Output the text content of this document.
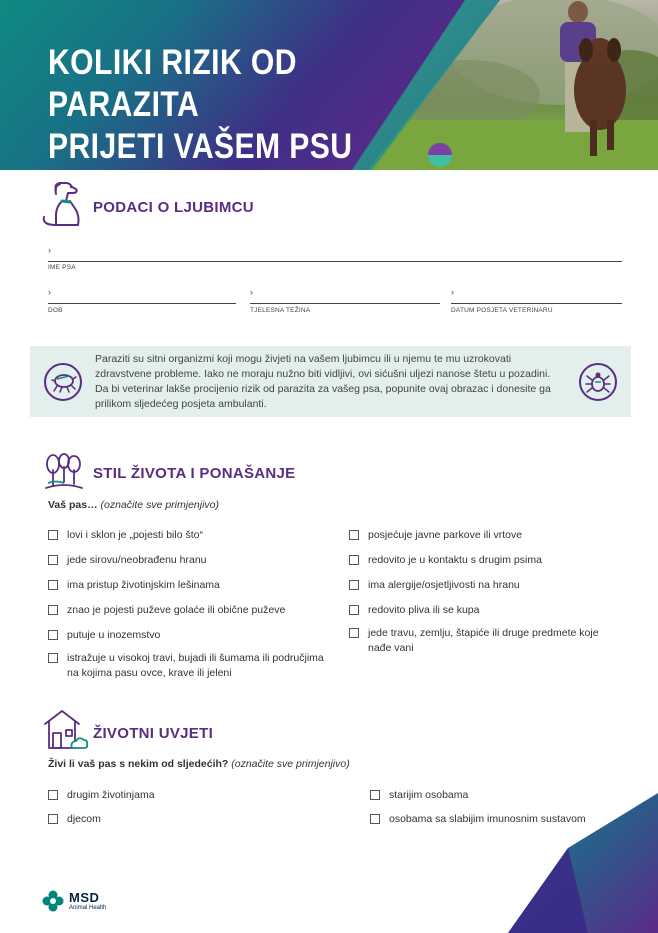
KOLIKI RIZIK OD PARAZITA
PRIJETI VAŠEM PSU
PODACI O LJUBIMCU
›
IME PSA
›
DOB
›
TJELESNA TEŽINA
›
DATUM POSJETA VETERINARU
Paraziti su sitni organizmi koji mogu živjeti na vašem ljubimcu ili u njemu te mu uzrokovati zdravstvene probleme. Iako ne moraju nužno biti vidljivi, ovi sićušni uljezi nanose štetu u pozadini. Da bi veterinar lakše procijenio rizik od parazita za vašeg psa, popunite ovaj obrazac i donesite ga prilikom sljedećeg posjeta ambulanti.
STIL ŽIVOTA I PONAŠANJE
Vaš pas… (označite sve primjenjivo)
lovi i sklon je „pojesti bilo što“
jede sirovu/neobrađenu hranu
ima pristup životinjskim lešinama
znao je pojesti puževe golaće ili obične puževe
putuje u inozemstvo
istražuje u visokoj travi, bujadi ili šumama ili područjima na kojima pasu ovce, krave ili jeleni
posjećuje javne parkove ili vrtove
redovito je u kontaktu s drugim psima
ima alergije/osjetljivosti na hranu
redovito pliva ili se kupa
jede travu, zemlju, štapiće ili druge predmete koje nađe vani
ŽIVOTNI UVJETI
Živi li vaš pas s nekim od sljedećih? (označite sve primjenjivo)
drugim životinjama
djecom
starijim osobama
osobama sa slabijim imunosnim sustavom
MSD
Animal Health
